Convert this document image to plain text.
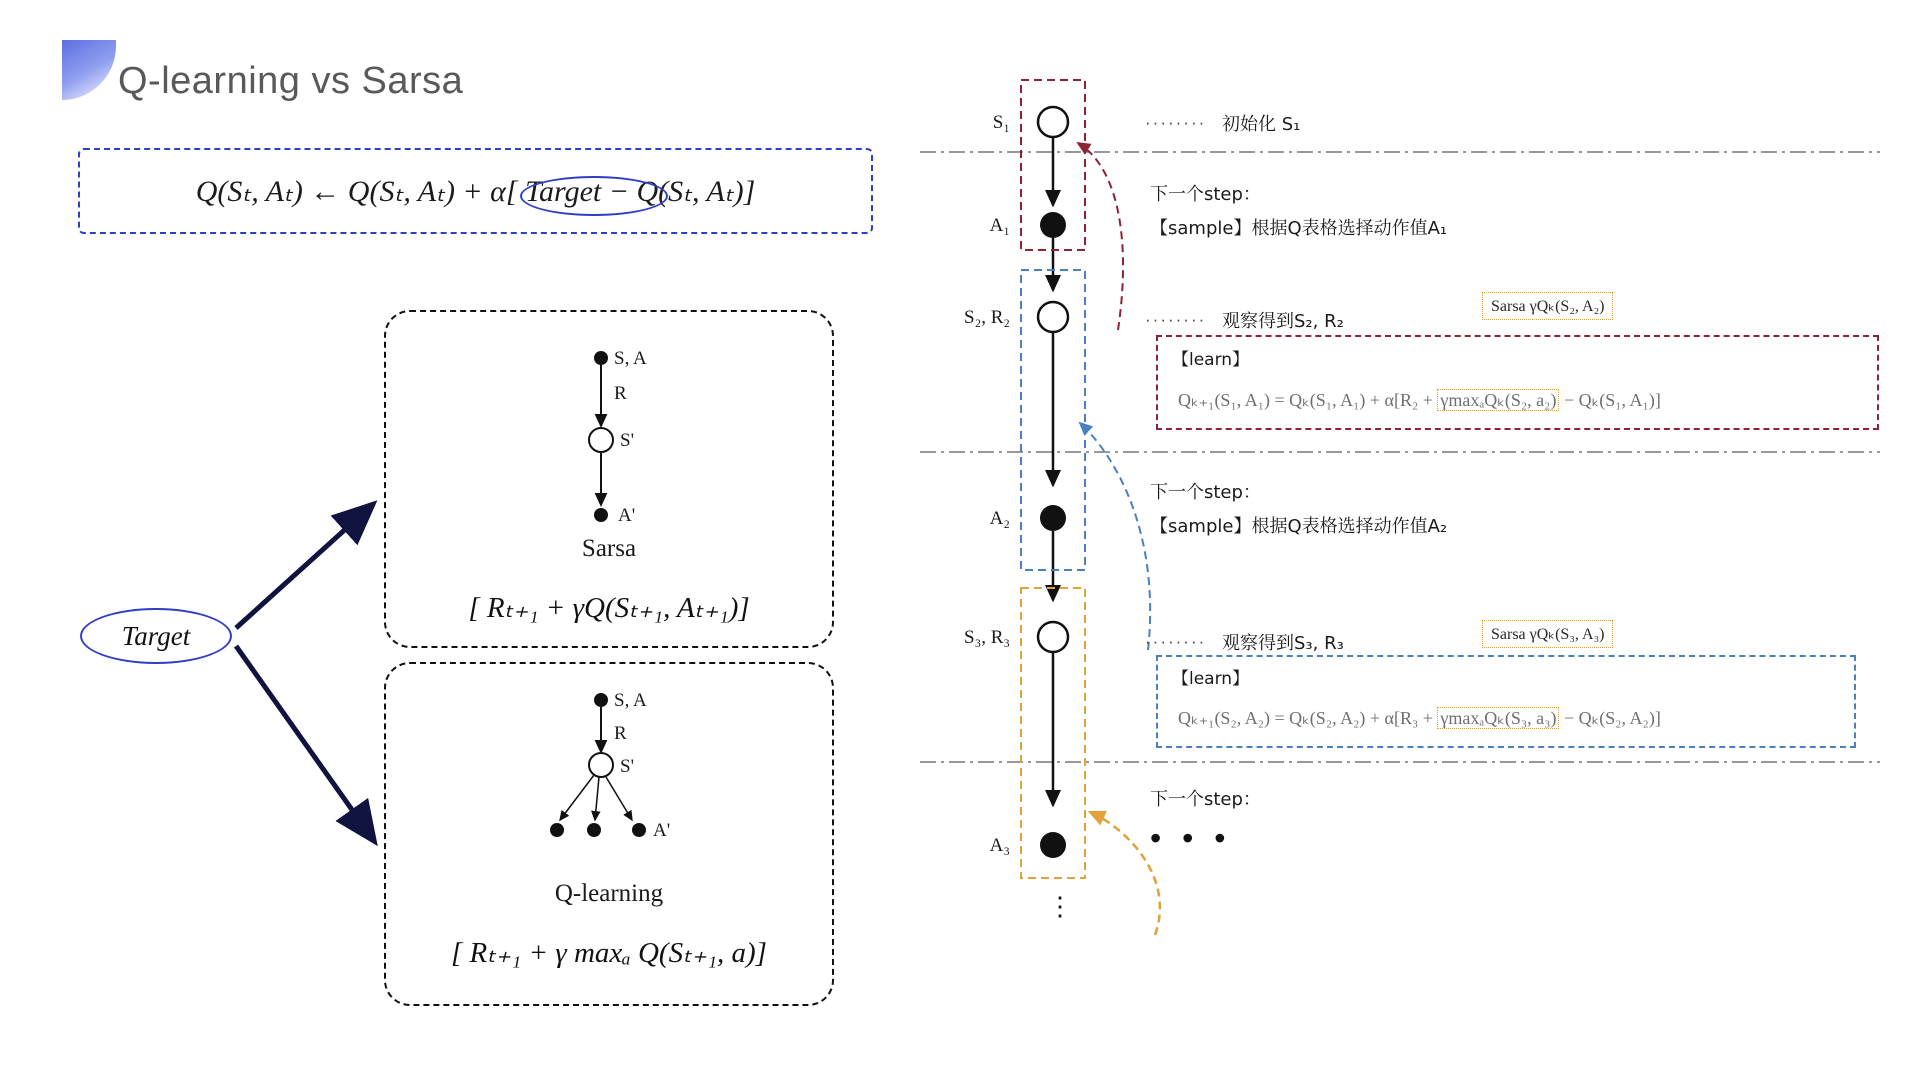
Q-learning vs Sarsa
Q(Sₜ, Aₜ) ← Q(Sₜ, Aₜ) + α[ Target − Q(Sₜ, Aₜ)]
Target
S, A
R
S'
A'
Sarsa
[ Rₜ₊₁ + γQ(Sₜ₊₁, Aₜ₊₁)]
S, A
R
S'
A'
Q-learning
[ Rₜ₊₁ + γ maxₐ Q(Sₜ₊₁, a)]
S₁
A₁
S₂, R₂
A₂
S₃, R₃
A₃
⋮
········ 初始化 S₁
下一个step：
【sample】根据Q表格选择动作值A₁
········ 观察得到S₂, R₂
Sarsa γQₖ(S₂, A₂)
【learn】
Qₖ₊₁(S₁, A₁) = Qₖ(S₁, A₁) + α[R₂ + γmaxₐQₖ(S₂, a₂) − Qₖ(S₁, A₁)]
下一个step：
【sample】根据Q表格选择动作值A₂
········ 观察得到S₃, R₃	Sarsa γQₖ(S₃, A₃)
【learn】
Qₖ₊₁(S₂, A₂) = Qₖ(S₂, A₂) + α[R₃ + γmaxₐQₖ(S₃, a₃) − Qₖ(S₂, A₂)]
下一个step：
• • •
